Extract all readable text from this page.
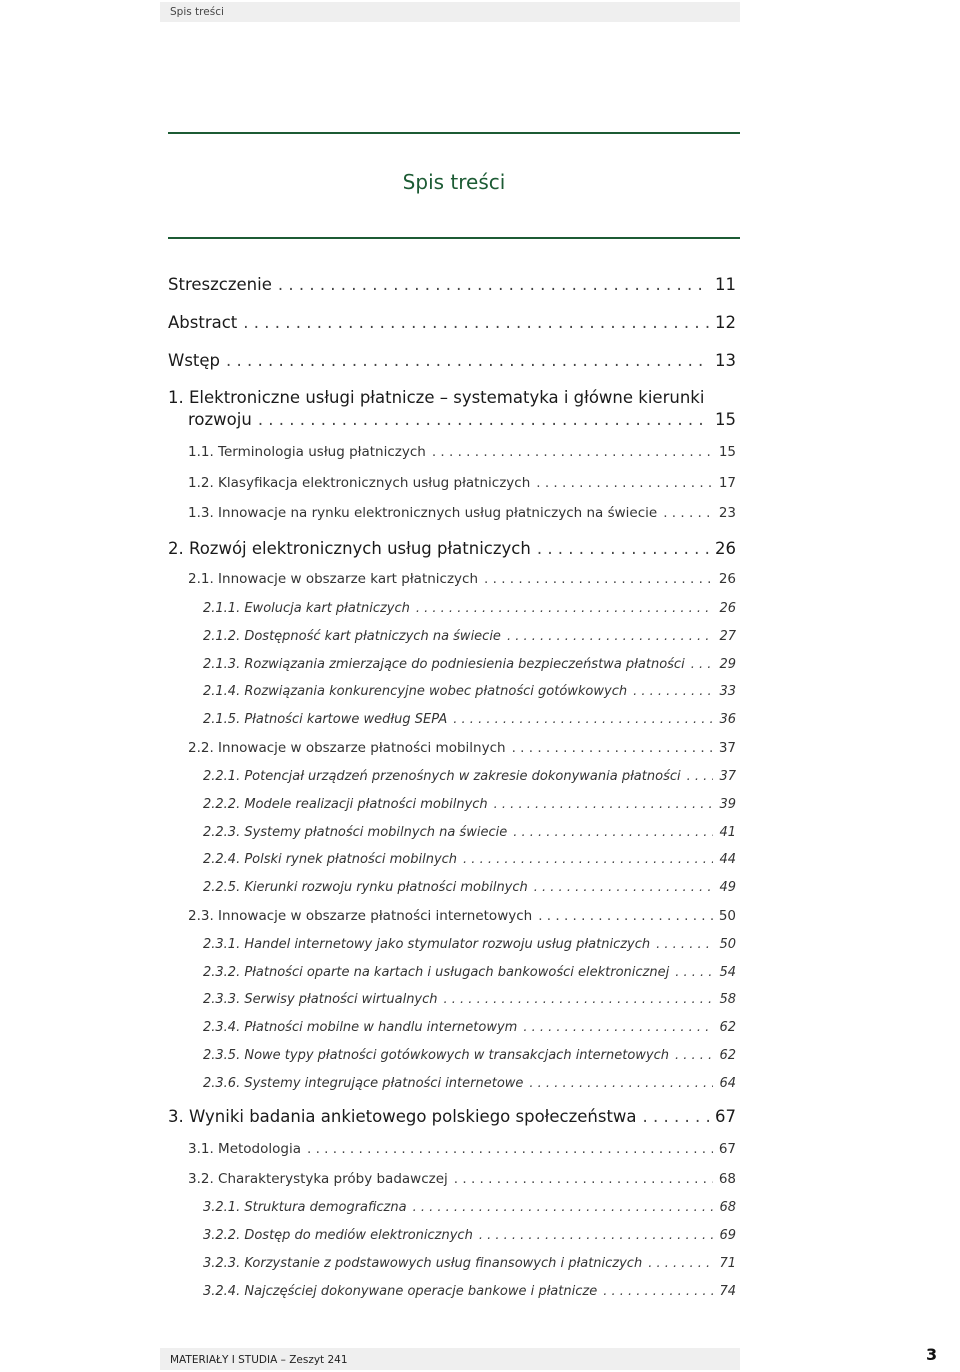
Spis treści
Spis treści
Streszczenie . . .	11
Abstract . . .	12
Wstęp . . .	13
1. Elektroniczne usługi płatnicze – systematyka i główne kierunki
rozwoju . . .	15
1.1. Terminologia usług płatniczych . . .	15
1.2. Klasyfikacja elektronicznych usług płatniczych . . .	17
1.3. Innowacje na rynku elektronicznych usług płatniczych na świecie . . .	23
2. Rozwój elektronicznych usług płatniczych . . .	26
2.1. Innowacje w obszarze kart płatniczych . . .	26
2.1.1. Ewolucja kart płatniczych . . .	26
2.1.2. Dostępność kart płatniczych na świecie . . .	27
2.1.3. Rozwiązania zmierzające do podniesienia bezpieczeństwa płatności . . .	29
2.1.4. Rozwiązania konkurencyjne wobec płatności gotówkowych . . .	33
2.1.5. Płatności kartowe według SEPA . . .	36
2.2. Innowacje w obszarze płatności mobilnych . . .	37
2.2.1. Potencjał urządzeń przenośnych w zakresie dokonywania płatności . . .	37
2.2.2. Modele realizacji płatności mobilnych . . .	39
2.2.3. Systemy płatności mobilnych na świecie . . .	41
2.2.4. Polski rynek płatności mobilnych . . .	44
2.2.5. Kierunki rozwoju rynku płatności mobilnych . . .	49
2.3. Innowacje w obszarze płatności internetowych . . .	50
2.3.1. Handel internetowy jako stymulator rozwoju usług płatniczych . . .	50
2.3.2. Płatności oparte na kartach i usługach bankowości elektronicznej . . .	54
2.3.3. Serwisy płatności wirtualnych . . .	58
2.3.4. Płatności mobilne w handlu internetowym . . .	62
2.3.5. Nowe typy płatności gotówkowych w transakcjach internetowych . . .	62
2.3.6. Systemy integrujące płatności internetowe . . .	64
3. Wyniki badania ankietowego polskiego społeczeństwa . . .	67
3.1. Metodologia . . .	67
3.2. Charakterystyka próby badawczej . . .	68
3.2.1. Struktura demograficzna . . .	68
3.2.2. Dostęp do mediów elektronicznych . . .	69
3.2.3. Korzystanie z podstawowych usług finansowych i płatniczych . . .	71
3.2.4. Najczęściej dokonywane operacje bankowe i płatnicze . . .	74
MATERIAŁY I STUDIA – Zeszyt 241	3
